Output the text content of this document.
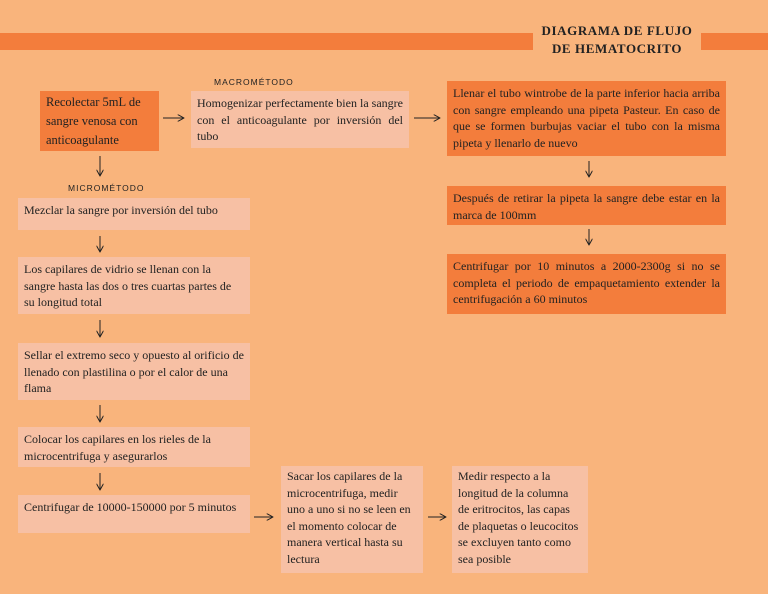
DIAGRAMA DE FLUJO
DE HEMATOCRITO
MACROMÉTODO
MICROMÉTODO
Recolectar 5mL de sangre venosa con anticoagulante
Homogenizar perfectamente bien la sangre con el anticoagulante por inversión del tubo
Llenar el tubo wintrobe de la parte inferior hacia arriba con sangre empleando una pipeta Pasteur. En caso de que se formen burbujas vaciar el tubo con la misma pipeta y llenarlo de nuevo
Después de retirar la pipeta la sangre debe estar en la marca de 100mm
Centrifugar por 10 minutos a 2000-2300g si no se completa el periodo de empaquetamiento extender la centrifugación a 60 minutos
Mezclar la sangre por inversión del tubo
Los capilares de vidrio se llenan con la sangre hasta las dos o tres cuartas partes de su longitud total
Sellar el extremo seco y opuesto al orificio de llenado con plastilina o por el calor de una flama
Colocar los capilares en los rieles de la microcentrifuga y asegurarlos
Centrifugar de 10000-150000 por 5 minutos
Sacar los capilares de la microcentrifuga, medir uno a uno si no se leen en el momento colocar de manera vertical hasta su lectura
Medir respecto a la longitud de la columna de eritrocitos, las capas de plaquetas o leucocitos se excluyen tanto como sea posible
